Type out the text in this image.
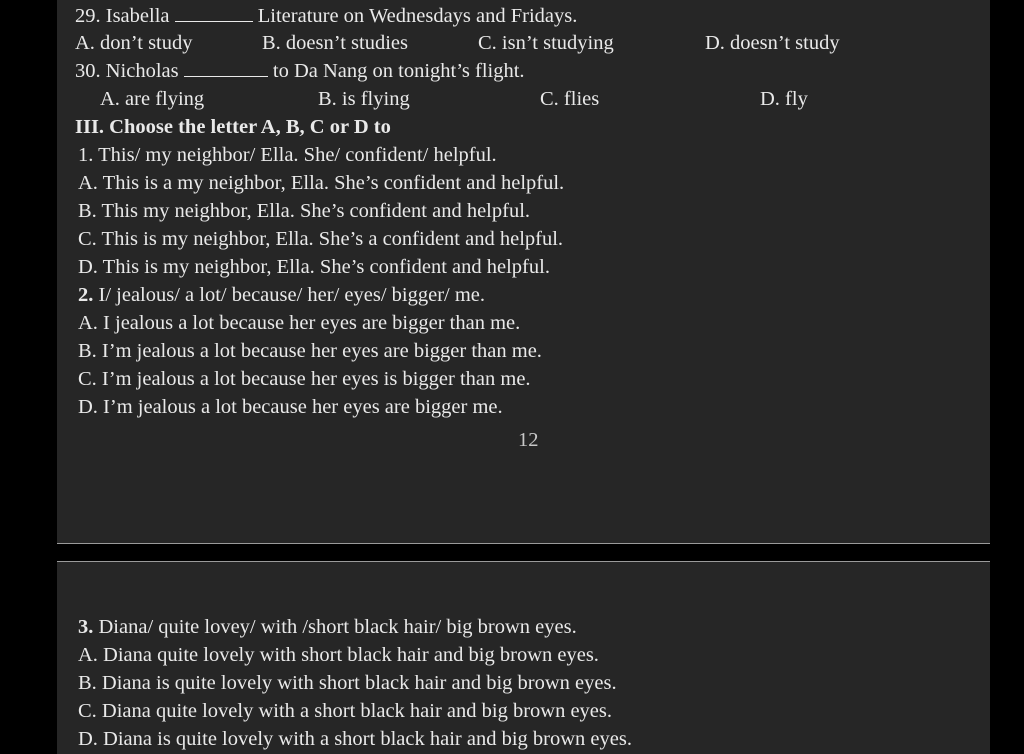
29. Isabella	Literature on Wednesdays and Fridays.
A. don’t study	B. doesn’t studies	C. isn’t studying	D. doesn’t study
30. Nicholas	to Da Nang on tonight’s flight.
A. are flying	B. is flying	C. flies	D. fly
III. Choose the letter A, B, C or D to
1. This/ my neighbor/ Ella. She/ confident/ helpful.
A. This is a my neighbor, Ella. She’s confident and helpful.
B. This my neighbor, Ella. She’s confident and helpful.
C. This is my neighbor, Ella. She’s a confident and helpful.
D. This is my neighbor, Ella. She’s confident and helpful.
2. I/ jealous/ a lot/ because/ her/ eyes/ bigger/ me.
A. I jealous a lot because her eyes are bigger than me.
B. I’m jealous a lot because her eyes are bigger than me.
C. I’m jealous a lot because her eyes is bigger than me.
D. I’m jealous a lot because her eyes are bigger me.
12
3. Diana/ quite lovey/ with /short black hair/ big brown eyes.
A. Diana quite lovely with short black hair and big brown eyes.
B. Diana is quite lovely with short black hair and big brown eyes.
C. Diana quite lovely with a short black hair and big brown eyes.
D. Diana is quite lovely with a short black hair and big brown eyes.
